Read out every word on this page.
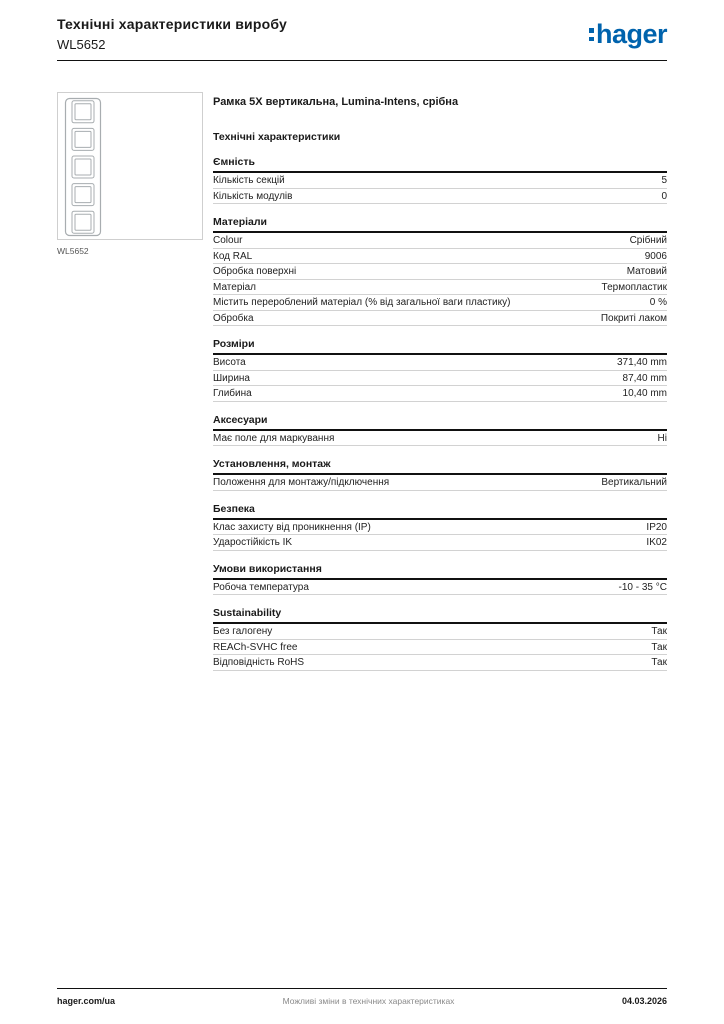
Технічні характеристики виробу
WL5652	hager
WL5652
Рамка 5X вертикальна, Lumina-Intens, срібна
Технічні характеристики
Ємність
Кількість секцій	5
Кількість модулів	0
Матеріали
Colour	Срібний
Код RAL	9006
Обробка поверхні	Матовий
Матеріал	Термопластик
Містить перероблений матеріал (% від загальної ваги пластику)	0 %
Обробка	Покриті лаком
Розміри
Висота	371,40 mm
Ширина	87,40 mm
Глибина	10,40 mm
Аксесуари
Має поле для маркування	Ні
Установлення, монтаж
Положення для монтажу/підключення	Вертикальний
Безпека
Клас захисту від проникнення (IP)	IP20
Ударостійкість IK	IK02
Умови використання
Робоча температура	-10 - 35 °C
Sustainability
Без галогену	Так
REACh-SVHC free	Так
Відповідність RoHS	Так
hager.com/ua	Можливі зміни в технічних характеристиках	04.03.2026
